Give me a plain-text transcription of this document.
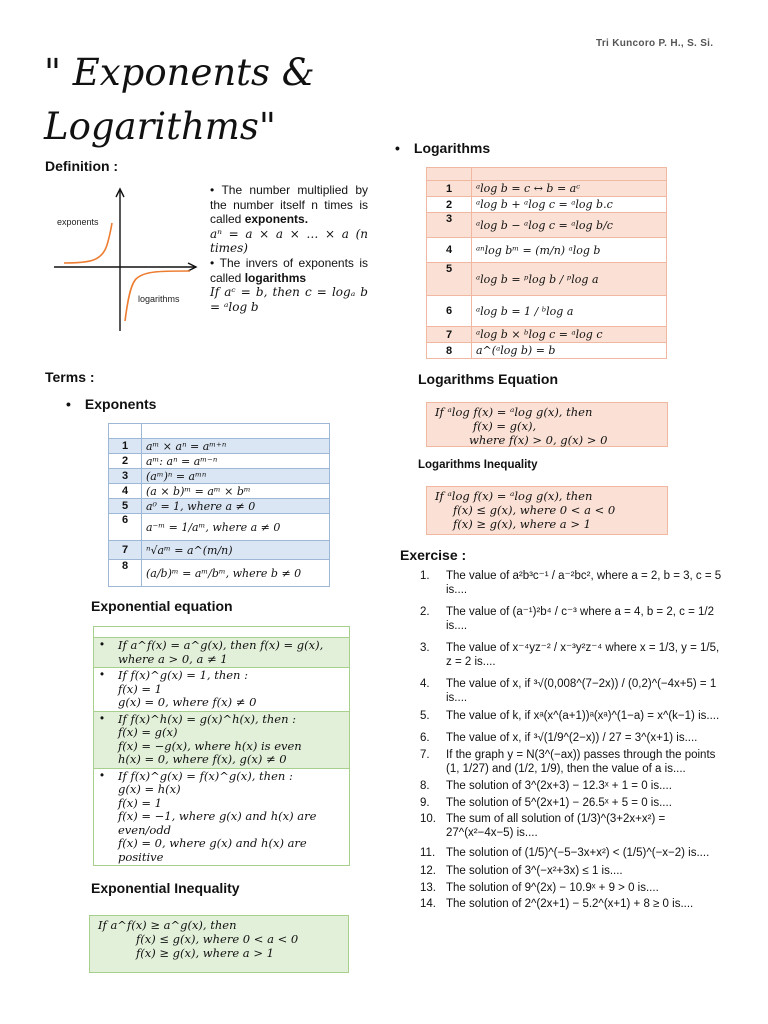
Tri Kuncoro P. H., S. Si.
" Exponents & Logarithms"
Definition :
exponents
logarithms

• The number multiplied by the number itself n times is called exponents.

aⁿ = a × a × … × a (n times)

• The invers of exponents is called logarithms

If aᶜ = b, then c = logₐ b = ᵃlog b

Terms :
• Exponents

1	aᵐ × aⁿ = aᵐ⁺ⁿ
2	aᵐ: aⁿ = aᵐ⁻ⁿ
3	(aᵐ)ⁿ = aᵐⁿ
4	(a × b)ᵐ = aᵐ × bᵐ
5	a⁰ = 1, where a ≠ 0
6	a⁻ᵐ = 1/aᵐ, where a ≠ 0
7	ⁿ√aᵐ = a^(m/n)
8	(a/b)ᵐ = aᵐ/bᵐ, where b ≠ 0
Exponential equation

• If a^f(x) = a^g(x), then f(x) = g(x),
where a > 0, a ≠ 1

• If f(x)^g(x) = 1, then :
f(x) = 1
g(x) = 0, where f(x) ≠ 0

• If f(x)^h(x) = g(x)^h(x), then :
f(x) = g(x)
f(x) = −g(x), where h(x) is even
h(x) = 0, where f(x), g(x) ≠ 0

• If f(x)^g(x) = f(x)^g(x), then :
g(x) = h(x)
f(x) = 1
f(x) = −1, where g(x) and h(x) are even/odd
f(x) = 0, where g(x) and h(x) are positive
Exponential Inequality
If a^f(x) ≥ a^g(x), then
f(x) ≤ g(x), where 0 < a < 0
f(x) ≥ g(x), where a > 1
• Logarithms

1	ᵃlog b = c ↔ b = aᶜ
2	ᵃlog b + ᵃlog c = ᵃlog b.c
3	ᵃlog b − ᵃlog c = ᵃlog b/c
4	ᵃⁿlog bᵐ = (m/n) ᵃlog b
5	ᵃlog b = ᵖlog b / ᵖlog a
6	ᵃlog b = 1 / ᵇlog a
7	ᵃlog b × ᵇlog c = ᵃlog c
8	a^(ᵃlog b) = b
Logarithms Equation
If ᵃlog f(x) = ᵃlog g(x), then
f(x) = g(x),
where f(x) > 0, g(x) > 0
Logarithms Inequality
If ᵃlog f(x) = ᵃlog g(x), then
f(x) ≤ g(x), where 0 < a < 0
f(x) ≥ g(x), where a > 1
Exercise :
1. The value of a²b³c⁻¹ / a⁻²bc², where a = 2, b = 3, c = 5 is....
2. The value of (a⁻¹)²b⁴ / c⁻³ where a = 4, b = 2, c = 1/2 is....
3. The value of x⁻⁴yz⁻² / x⁻³y²z⁻⁴ where x = 1/3, y = 1/5, z = 2 is....
4. The value of x, if ³√(0,008^(7−2x)) / (0,2)^(−4x+5) = 1 is....
5. The value of k, if xᵃ(x^(a+1))ᵃ(xᵃ)^(1−a) = x^(k−1) is....
6. The value of x, if ³√(1/9^(2−x)) / 27 = 3^(x+1) is....
7. If the graph y = N(3^(−ax)) passes through the points (1, 1/27) and (1/2, 1/9), then the value of a is....
8. The solution of 3^(2x+3) − 12.3ˣ + 1 = 0 is....
9. The solution of 5^(2x+1) − 26.5ˣ + 5 = 0 is....
10. The sum of all solution of (1/3)^(3+2x+x²) = 27^(x²−4x−5) is....
11. The solution of (1/5)^(−5−3x+x²) < (1/5)^(−x−2) is....
12. The solution of 3^(−x²+3x) ≤ 1 is....
13. The solution of 9^(2x) − 10.9ˣ + 9 > 0 is....
14. The solution of 2^(2x+1) − 5.2^(x+1) + 8 ≥ 0 is....
